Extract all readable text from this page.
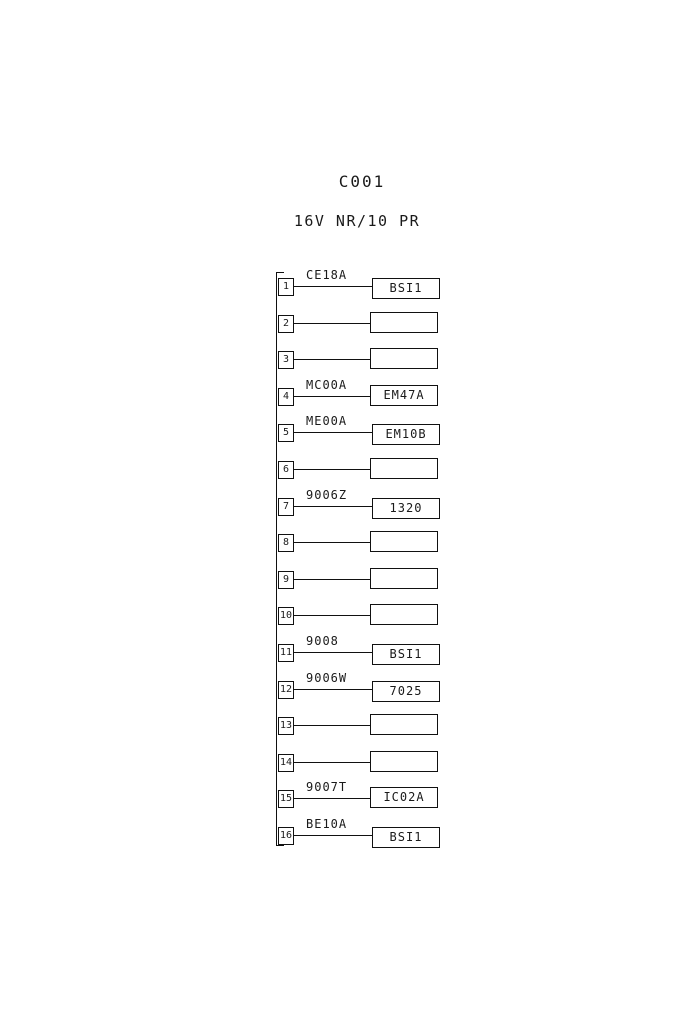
C001
16V NR/10 PR
1
CE18A
BSI1
2
3
4
MC00A
EM47A
5
ME00A
EM10B
6
7
9006Z
1320
8
9
10
11
9008
BSI1
12
9006W
7025
13
14
15
9007T
IC02A
16
BE10A
BSI1
